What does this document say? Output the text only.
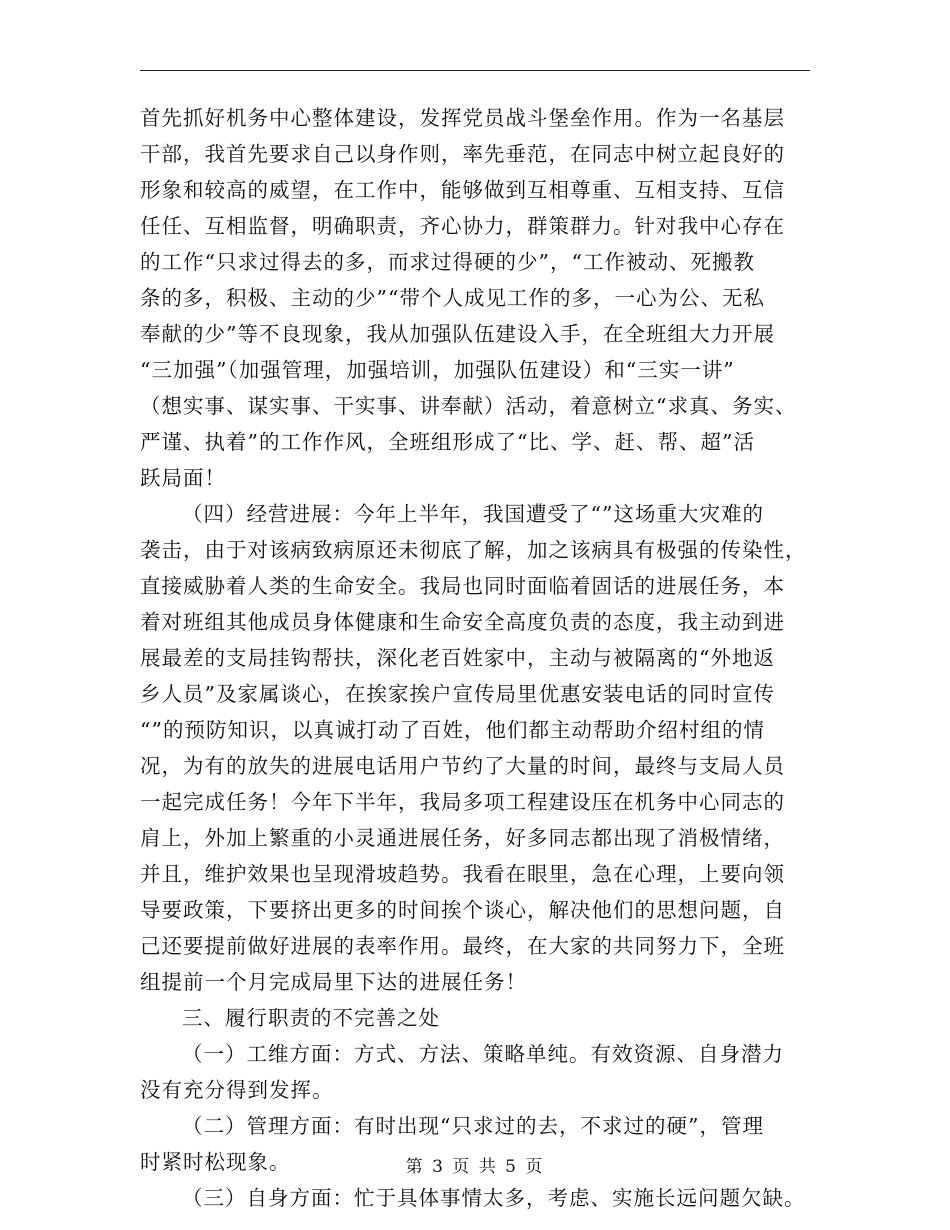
首先抓好机务中心整体建设，发挥党员战斗堡垒作用。作为一名基层
干部，我首先要求自己以身作则，率先垂范，在同志中树立起良好的
形象和较高的威望，在工作中，能够做到互相尊重、互相支持、互信
任任、互相监督，明确职责，齐心协力，群策群力。针对我中心存在
的工作“只求过得去的多，而求过得硬的少”，“工作被动、死搬教
条的多，积极、主动的少”“带个人成见工作的多，一心为公、无私
奉献的少”等不良现象，我从加强队伍建设入手，在全班组大力开展
“三加强”（加强管理，加强培训，加强队伍建设）和“三实一讲”
（想实事、谋实事、干实事、讲奉献）活动，着意树立“求真、务实、
严谨、执着”的工作作风，全班组形成了“比、学、赶、帮、超”活
跃局面！
（四）经营进展：今年上半年，我国遭受了“”这场重大灾难的
袭击，由于对该病致病原还未彻底了解，加之该病具有极强的传染性，
直接威胁着人类的生命安全。我局也同时面临着固话的进展任务，本
着对班组其他成员身体健康和生命安全高度负责的态度，我主动到进
展最差的支局挂钩帮扶，深化老百姓家中，主动与被隔离的“外地返
乡人员”及家属谈心，在挨家挨户宣传局里优惠安装电话的同时宣传
“”的预防知识，以真诚打动了百姓，他们都主动帮助介绍村组的情
况，为有的放失的进展电话用户节约了大量的时间，最终与支局人员
一起完成任务！今年下半年，我局多项工程建设压在机务中心同志的
肩上，外加上繁重的小灵通进展任务，好多同志都出现了消极情绪，
并且，维护效果也呈现滑坡趋势。我看在眼里，急在心理，上要向领
导要政策，下要挤出更多的时间挨个谈心，解决他们的思想问题，自
己还要提前做好进展的表率作用。最终，在大家的共同努力下，全班
组提前一个月完成局里下达的进展任务！
三、履行职责的不完善之处
（一）工维方面：方式、方法、策略单纯。有效资源、自身潜力
没有充分得到发挥。
（二）管理方面：有时出现“只求过的去，不求过的硬”，管理
时紧时松现象。
（三）自身方面：忙于具体事情太多，考虑、实施长远问题欠缺。
第 3 页 共 5 页
